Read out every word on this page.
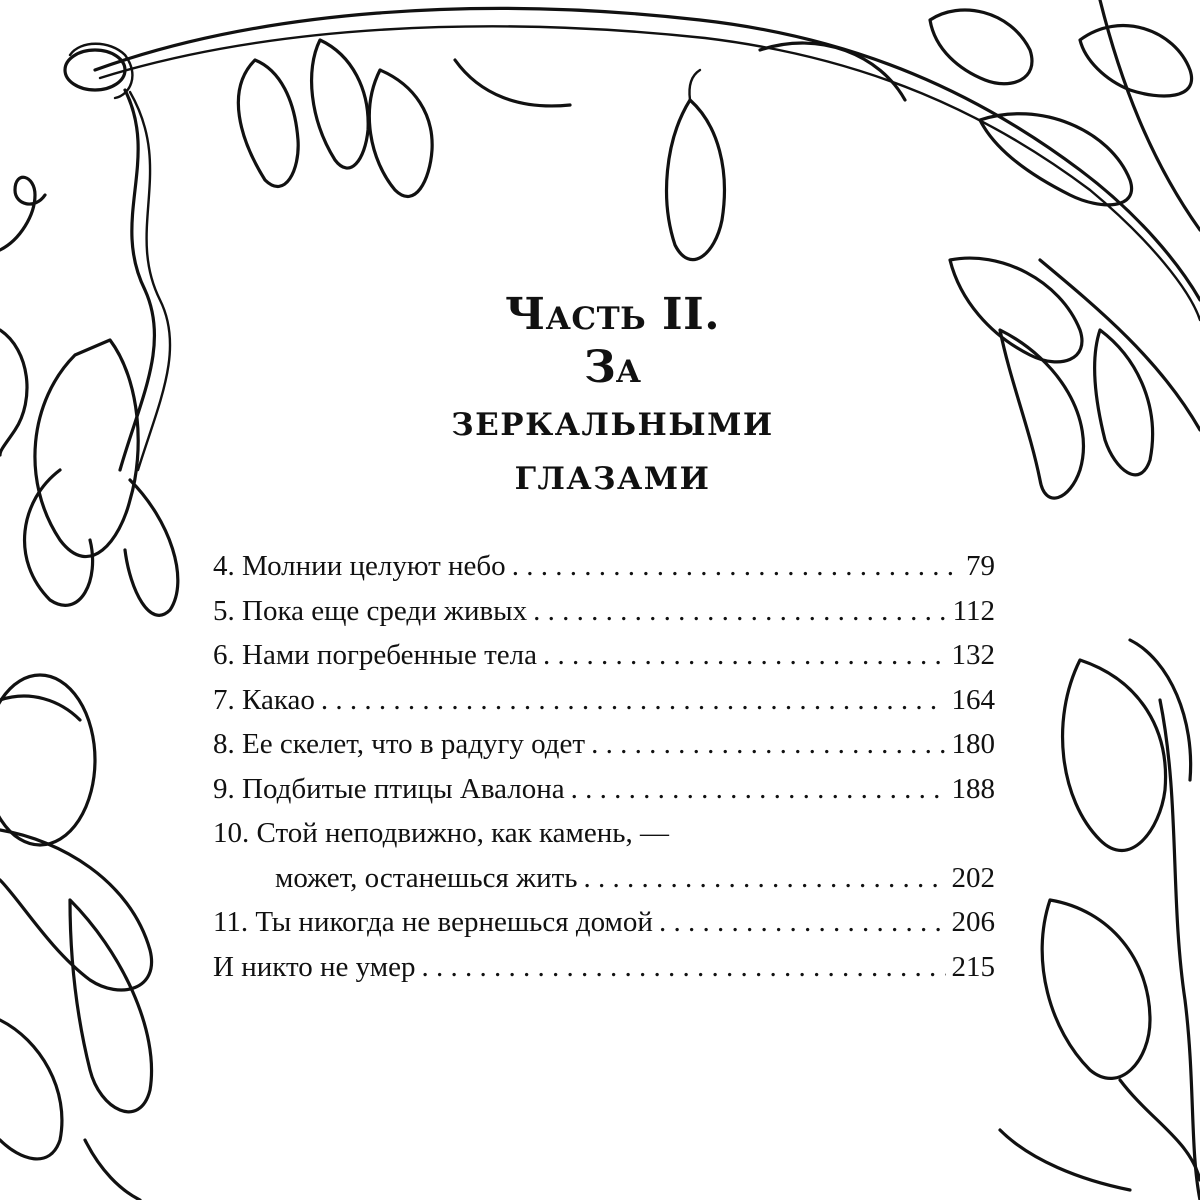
Часть II.
За
ЗЕРКАЛЬНЫМИ
ГЛАЗАМИ
4. Молнии целуют небо . . .	79
5. Пока еще среди живых . . .	112
6. Нами погребенные тела . . .	132
7. Какао . . .	164
8. Ее скелет, что в радугу одет . . .	180
9. Подбитые птицы Авалона . . .	188
10. Стой неподвижно, как камень, —
может, останешься жить . . .	202
11. Ты никогда не вернешься домой . . .	206
И никто не умер . . .	215
